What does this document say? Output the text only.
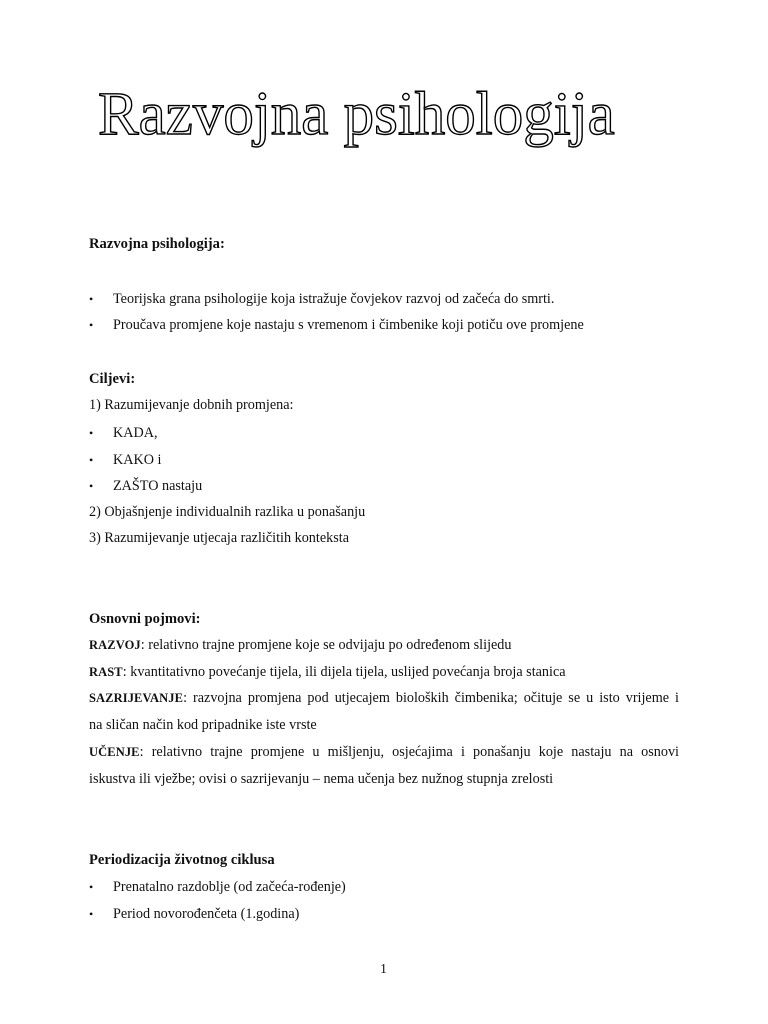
Razvojna psihologija
Razvojna psihologija:
•	Teorijska grana psihologije koja istražuje čovjekov razvoj od začeća do smrti.
•	Proučava promjene koje nastaju s vremenom i čimbenike koji potiču ove promjene
Ciljevi:
1) Razumijevanje dobnih promjena:
•	KADA,
•	KAKO i
•	ZAŠTO nastaju
2) Objašnjenje individualnih razlika u ponašanju
3) Razumijevanje utjecaja različitih konteksta
Osnovni pojmovi:
RAZVOJ: relativno trajne promjene koje se odvijaju po određenom slijedu
RAST: kvantitativno povećanje tijela, ili dijela tijela, uslijed povećanja broja stanica
SAZRIJEVANJE: razvojna promjena pod utjecajem bioloških čimbenika; očituje se u isto vrijeme i
na sličan način kod pripadnike iste vrste
UČENJE: relativno trajne promjene u mišljenju, osjećajima i ponašanju koje nastaju na osnovi
iskustva ili vježbe; ovisi o sazrijevanju – nema učenja bez nužnog stupnja zrelosti
Periodizacija životnog ciklusa
•	Prenatalno razdoblje (od začeća-rođenje)
•	Period novorođenčeta (1.godina)
1
